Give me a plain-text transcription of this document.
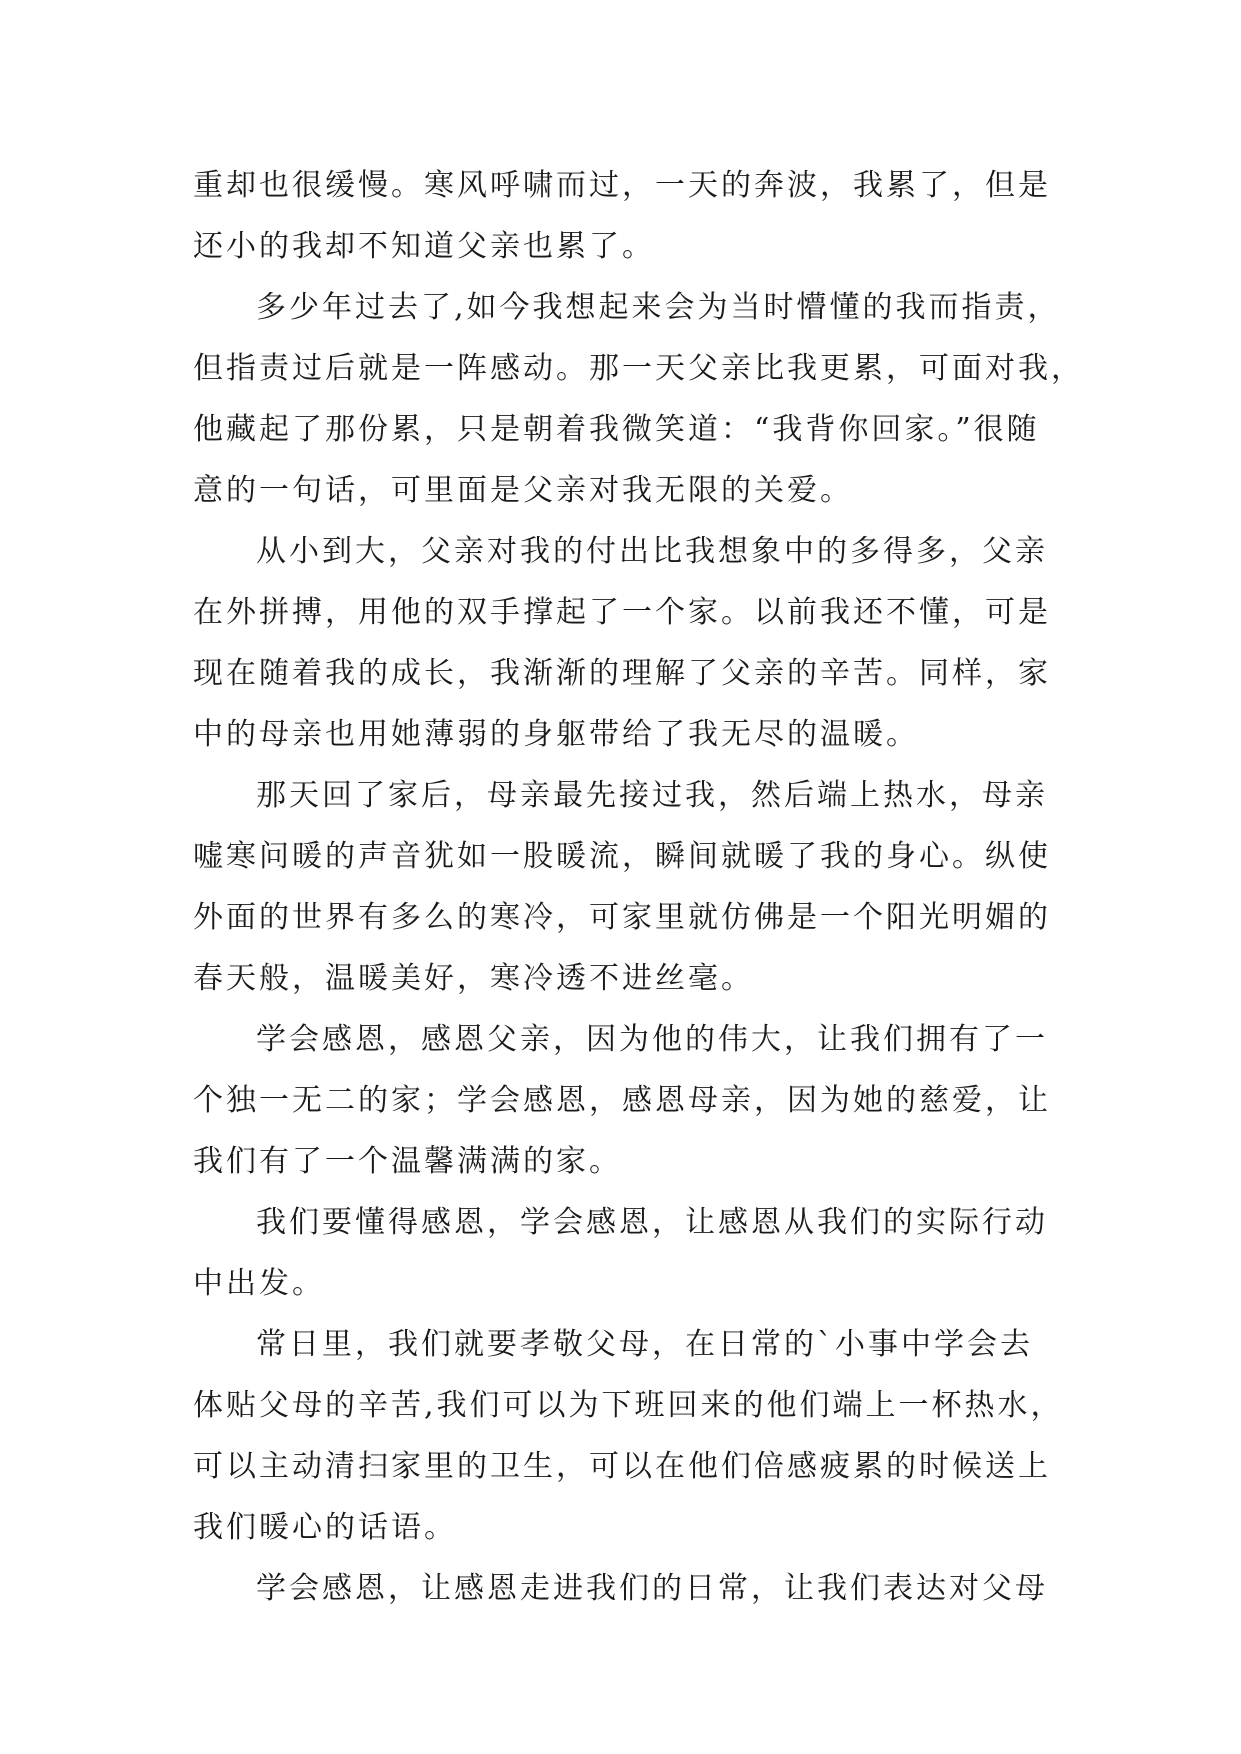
重却也很缓慢。寒风呼啸而过，一天的奔波，我累了，但是
还小的我却不知道父亲也累了。
多少年过去了,如今我想起来会为当时懵懂的我而指责，
但指责过后就是一阵感动。那一天父亲比我更累，可面对我，
他藏起了那份累，只是朝着我微笑道：“我背你回家。”很随
意的一句话，可里面是父亲对我无限的关爱。
从小到大，父亲对我的付出比我想象中的多得多，父亲
在外拼搏，用他的双手撑起了一个家。以前我还不懂，可是
现在随着我的成长，我渐渐的理解了父亲的辛苦。同样，家
中的母亲也用她薄弱的身躯带给了我无尽的温暖。
那天回了家后，母亲最先接过我，然后端上热水，母亲
嘘寒问暖的声音犹如一股暖流，瞬间就暖了我的身心。纵使
外面的世界有多么的寒冷，可家里就仿佛是一个阳光明媚的
春天般，温暖美好，寒冷透不进丝毫。
学会感恩，感恩父亲，因为他的伟大，让我们拥有了一
个独一无二的家；学会感恩，感恩母亲，因为她的慈爱，让
我们有了一个温馨满满的家。
我们要懂得感恩，学会感恩，让感恩从我们的实际行动
中出发。
常日里，我们就要孝敬父母，在日常的`小事中学会去
体贴父母的辛苦,我们可以为下班回来的他们端上一杯热水，
可以主动清扫家里的卫生，可以在他们倍感疲累的时候送上
我们暖心的话语。
学会感恩，让感恩走进我们的日常，让我们表达对父母
